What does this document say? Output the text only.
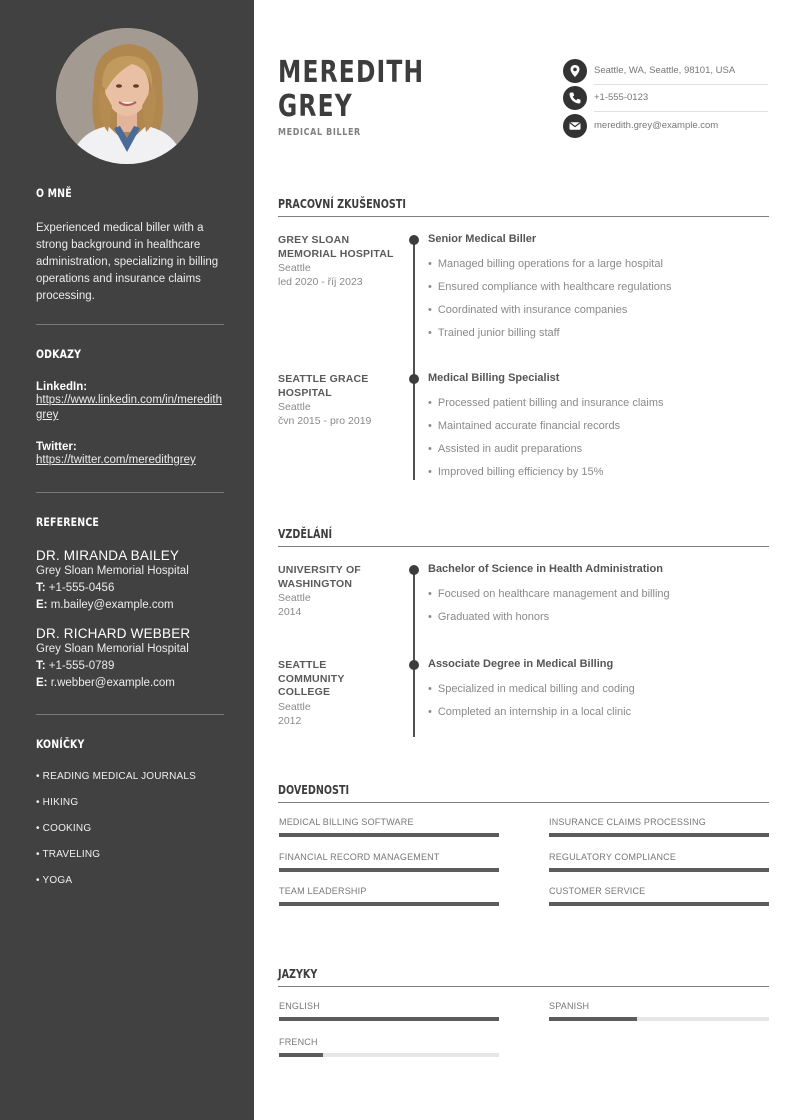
O MNĚ
Experienced medical biller with a strong background in healthcare administration, specializing in billing operations and insurance claims processing.
ODKAZY
LinkedIn:
https://www.linkedin.com/in/meredithgrey
Twitter:
https://twitter.com/meredithgrey
REFERENCE
DR. MIRANDA BAILEY
Grey Sloan Memorial Hospital
T: +1-555-0456
E: m.bailey@example.com
DR. RICHARD WEBBER
Grey Sloan Memorial Hospital
T: +1-555-0789
E: r.webber@example.com
KONÍČKY
• READING MEDICAL JOURNALS
• HIKING
• COOKING
• TRAVELING
• YOGA
MEREDITH
GREY
MEDICAL BILLER
Seattle, WA, Seattle, 98101, USA
+1-555-0123
meredith.grey@example.com
PRACOVNÍ ZKUŠENOSTI
GREY SLOAN MEMORIAL HOSPITAL
Seattle
led 2020 - říj 2023
Senior Medical Biller
• Managed billing operations for a large hospital
• Ensured compliance with healthcare regulations
• Coordinated with insurance companies
• Trained junior billing staff
SEATTLE GRACE HOSPITAL
Seattle
čvn 2015 - pro 2019
Medical Billing Specialist
• Processed patient billing and insurance claims
• Maintained accurate financial records
• Assisted in audit preparations
• Improved billing efficiency by 15%
VZDĚLÁNÍ
UNIVERSITY OF WASHINGTON
Seattle
2014
Bachelor of Science in Health Administration
• Focused on healthcare management and billing
• Graduated with honors
SEATTLE COMMUNITY COLLEGE
Seattle
2012
Associate Degree in Medical Billing
• Specialized in medical billing and coding
• Completed an internship in a local clinic
DOVEDNOSTI
MEDICAL BILLING SOFTWARE	INSURANCE CLAIMS PROCESSING
FINANCIAL RECORD MANAGEMENT	REGULATORY COMPLIANCE
TEAM LEADERSHIP	CUSTOMER SERVICE
JAZYKY
ENGLISH	SPANISH
FRENCH
